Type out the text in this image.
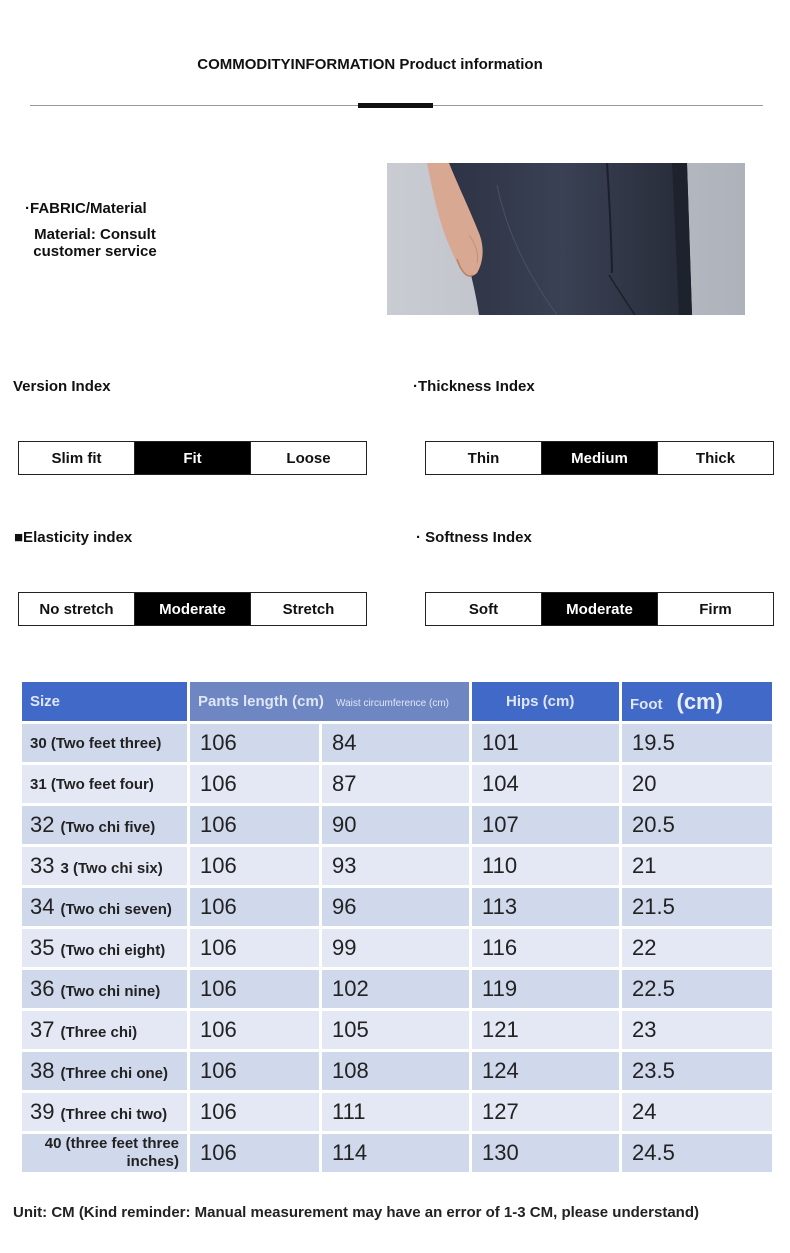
COMMODITYINFORMATION Product information
·FABRIC/Material
Material: Consult customer service
Version Index
Slim fit	Fit	Loose
·Thickness Index
Thin	Medium	Thick
■Elasticity index
No stretch	Moderate	Stretch
· Softness Index
Soft	Moderate	Firm
Size	Pants length (cm) Waist circumference (cm)		Hips (cm)	Foot (cm)
30 (Two feet three)	106	84	101	19.5
31 (Two feet four)	106	87	104	20
32 (Two chi five)	106	90	107	20.5
33 3 (Two chi six)	106	93	110	21
34 (Two chi seven)	106	96	113	21.5
35 (Two chi eight)	106	99	116	22
36 (Two chi nine)	106	102	119	22.5
37 (Three chi)	106	105	121	23
38 (Three chi one)	106	108	124	23.5
39 (Three chi two)	106	111	127	24
40 (three feet three inches)	106	114	130	24.5
Unit: CM (Kind reminder: Manual measurement may have an error of 1-3 CM, please understand)
